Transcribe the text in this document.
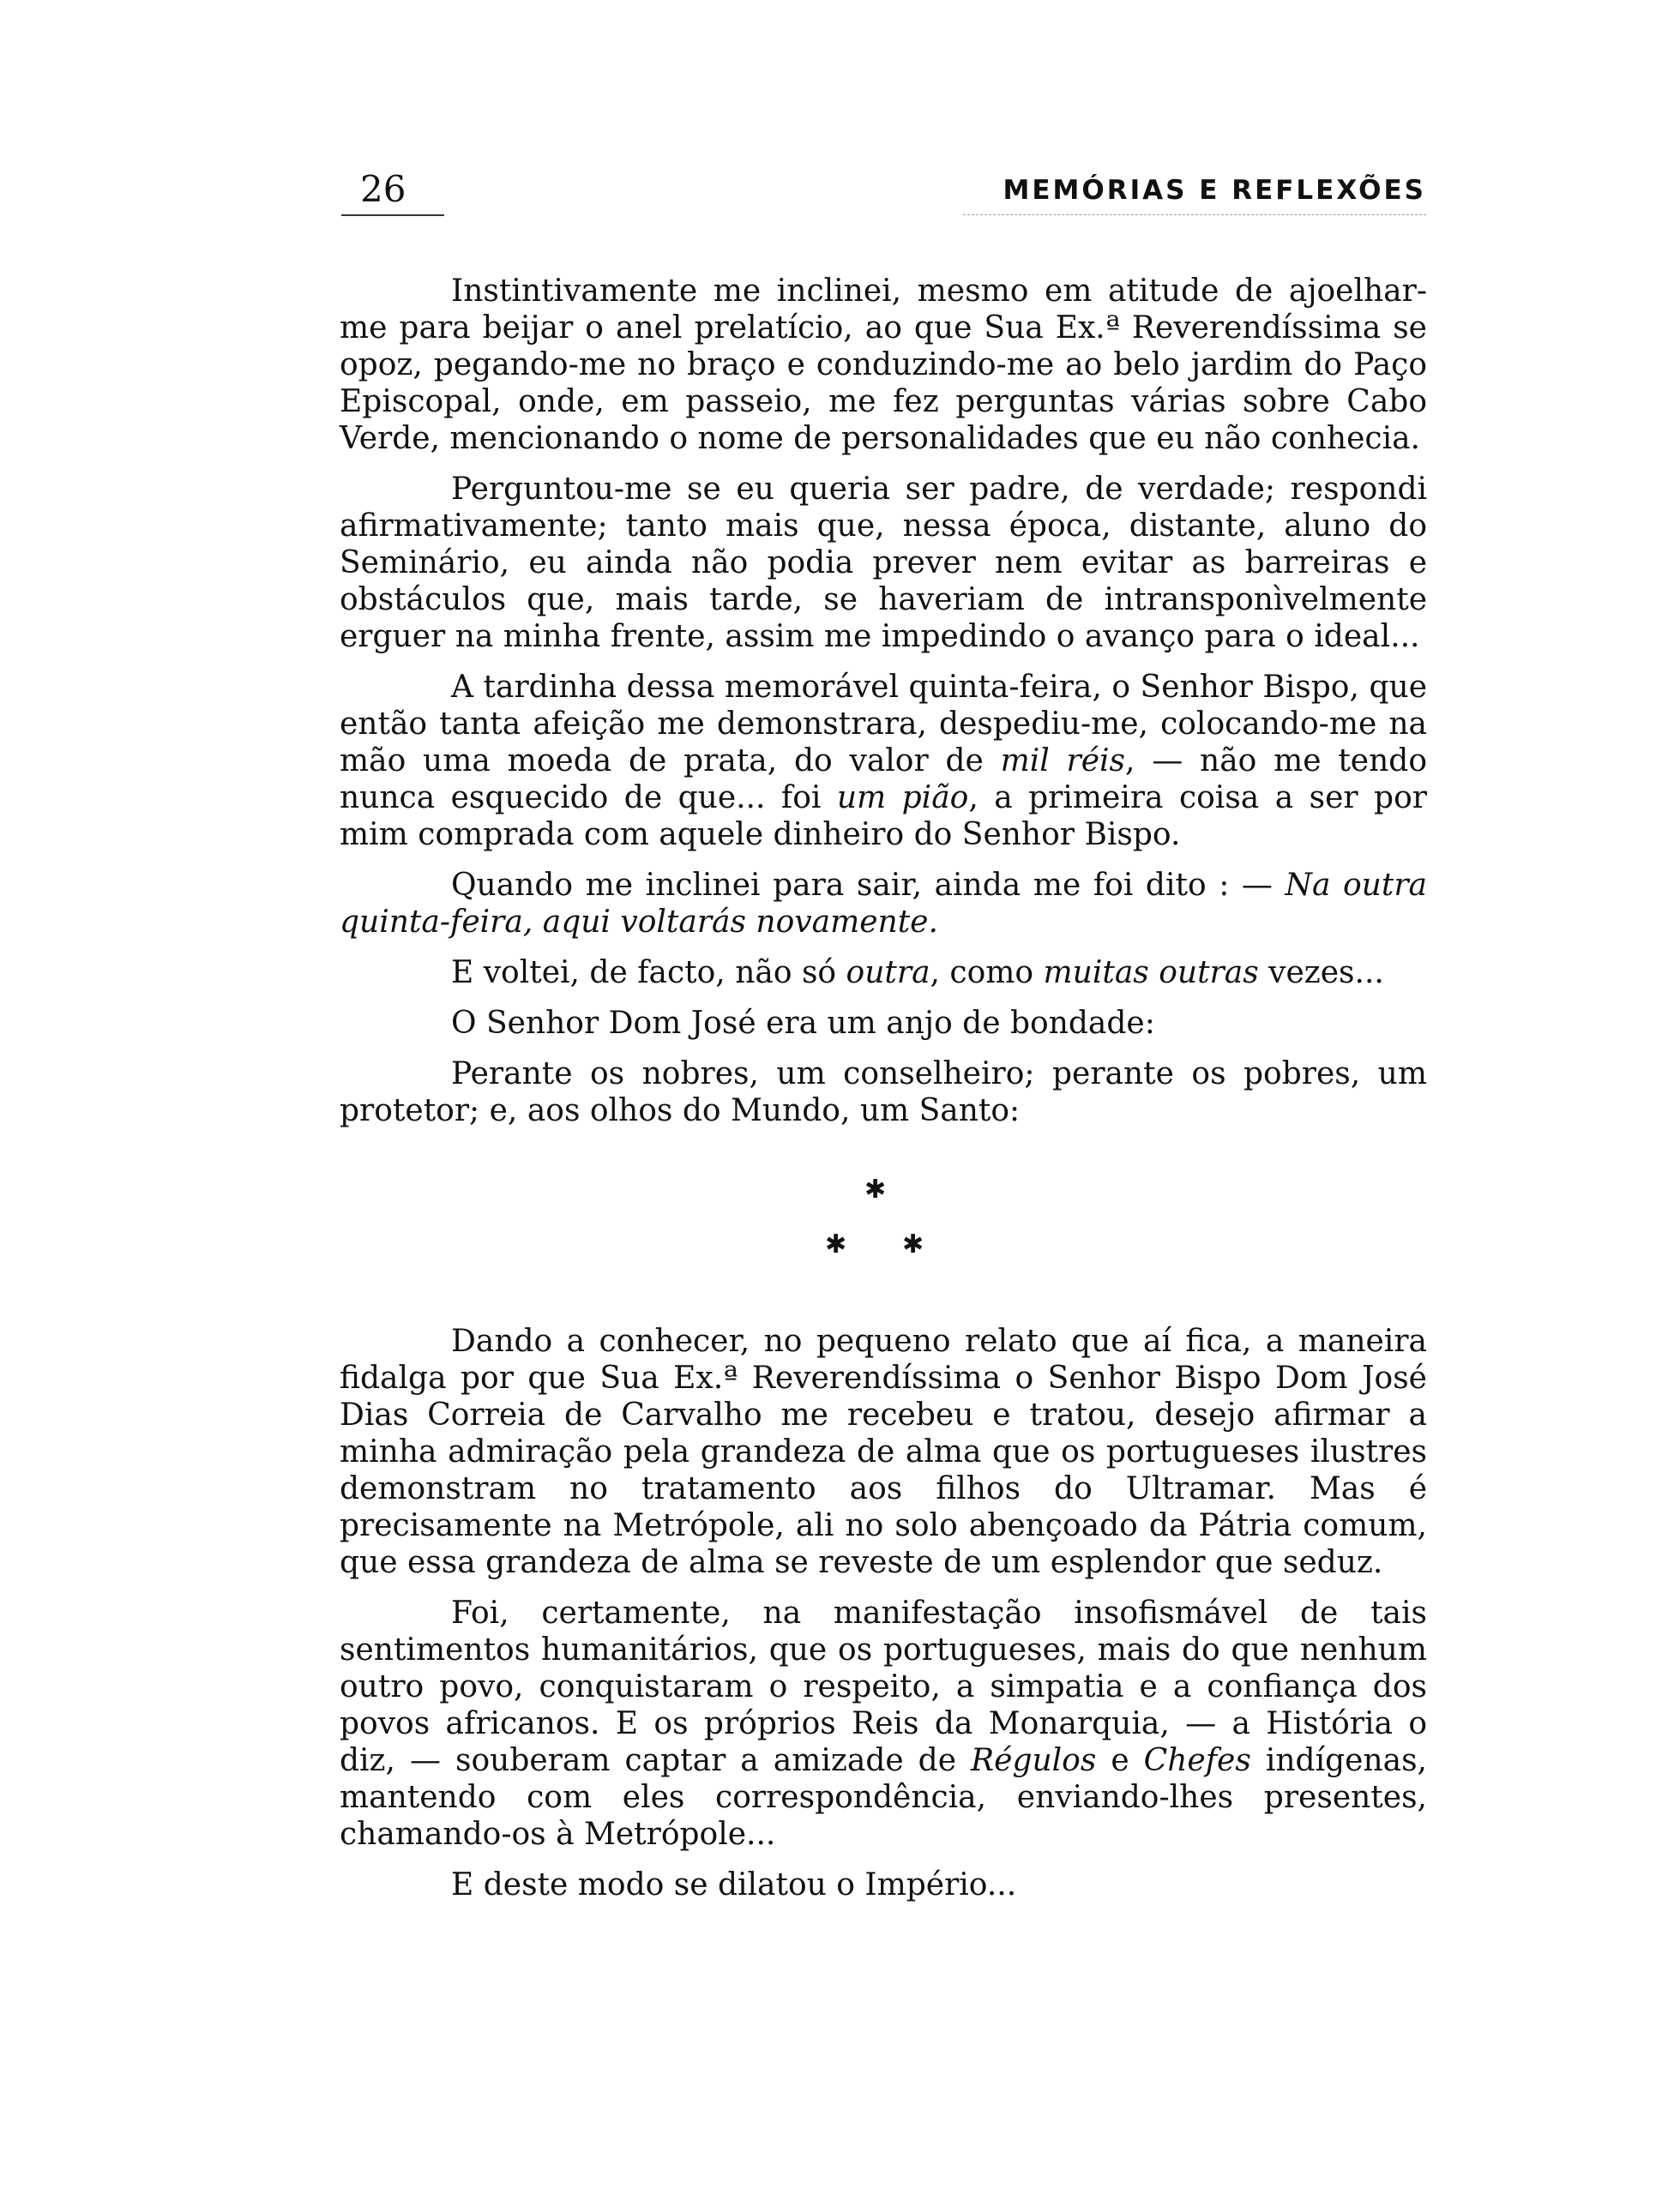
26	MEMÓRIAS E REFLEXÕES

Instintivamente me inclinei, mesmo em atitude de ajoelhar-me para beijar o anel prelatício, ao que Sua Ex.ª Reverendíssima se opoz, pegando-me no braço e conduzindo-me ao belo jardim do Paço Episcopal, onde, em passeio, me fez perguntas várias sobre Cabo Verde, mencionando o nome de personalidades que eu não conhecia.

Perguntou-me se eu queria ser padre, de verdade; respondi afirmativamente; tanto mais que, nessa época, distante, aluno do Seminário, eu ainda não podia prever nem evitar as barreiras e obstáculos que, mais tarde, se haveriam de intransponìvelmente erguer na minha frente, assim me impedindo o avanço para o ideal...

A tardinha dessa memorável quinta-feira, o Senhor Bispo, que então tanta afeição me demonstrara, despediu-me, colocando-me na mão uma moeda de prata, do valor de mil réis, — não me tendo nunca esquecido de que... foi um pião, a primeira coisa a ser por mim comprada com aquele dinheiro do Senhor Bispo.

Quando me inclinei para sair, ainda me foi dito : — Na outra quinta-feira, aqui voltarás novamente.

E voltei, de facto, não só outra, como muitas outras vezes...

O Senhor Dom José era um anjo de bondade:

Perante os nobres, um conselheiro; perante os pobres, um protetor; e, aos olhos do Mundo, um Santo:

✱
✱ ✱

Dando a conhecer, no pequeno relato que aí fica, a maneira fidalga por que Sua Ex.ª Reverendíssima o Senhor Bispo Dom José Dias Correia de Carvalho me recebeu e tratou, desejo afirmar a minha admiração pela grandeza de alma que os portugueses ilustres demonstram no tratamento aos filhos do Ultramar. Mas é precisamente na Metrópole, ali no solo abençoado da Pátria comum, que essa grandeza de alma se reveste de um esplendor que seduz.

Foi, certamente, na manifestação insofismável de tais sentimentos humanitários, que os portugueses, mais do que nenhum outro povo, conquistaram o respeito, a simpatia e a confiança dos povos africanos. E os próprios Reis da Monarquia, — a História o diz, — souberam captar a amizade de Régulos e Chefes indígenas, mantendo com eles correspondência, enviando-lhes presentes, chamando-os à Metrópole...

E deste modo se dilatou o Império...
